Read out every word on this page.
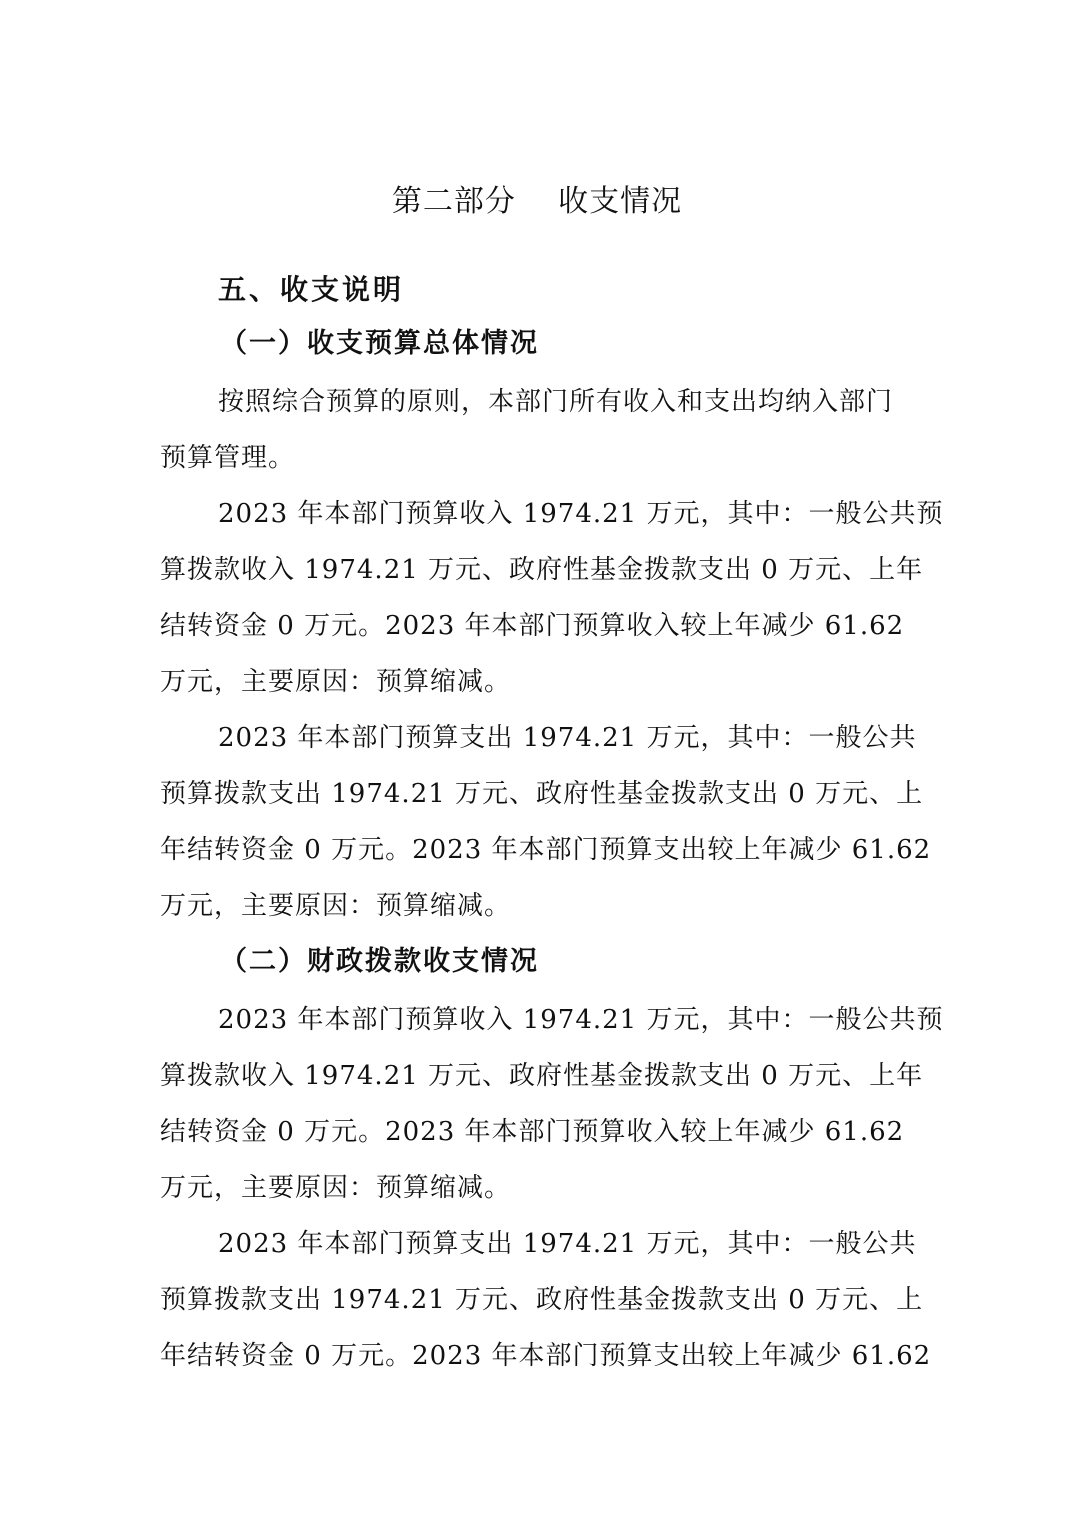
第二部分    收支情况
五、收支说明
（一）收支预算总体情况
按照综合预算的原则，本部门所有收入和支出均纳入部门
预算管理。
2023 年本部门预算收入 1974.21 万元，其中：一般公共预
算拨款收入 1974.21 万元、政府性基金拨款支出 0 万元、上年
结转资金 0 万元。2023 年本部门预算收入较上年减少 61.62
万元，主要原因：预算缩减。
2023 年本部门预算支出 1974.21 万元，其中：一般公共
预算拨款支出 1974.21 万元、政府性基金拨款支出 0 万元、上
年结转资金 0 万元。2023 年本部门预算支出较上年减少 61.62
万元，主要原因：预算缩减。
（二）财政拨款收支情况
2023 年本部门预算收入 1974.21 万元，其中：一般公共预
算拨款收入 1974.21 万元、政府性基金拨款支出 0 万元、上年
结转资金 0 万元。2023 年本部门预算收入较上年减少 61.62
万元，主要原因：预算缩减。
2023 年本部门预算支出 1974.21 万元，其中：一般公共
预算拨款支出 1974.21 万元、政府性基金拨款支出 0 万元、上
年结转资金 0 万元。2023 年本部门预算支出较上年减少 61.62
